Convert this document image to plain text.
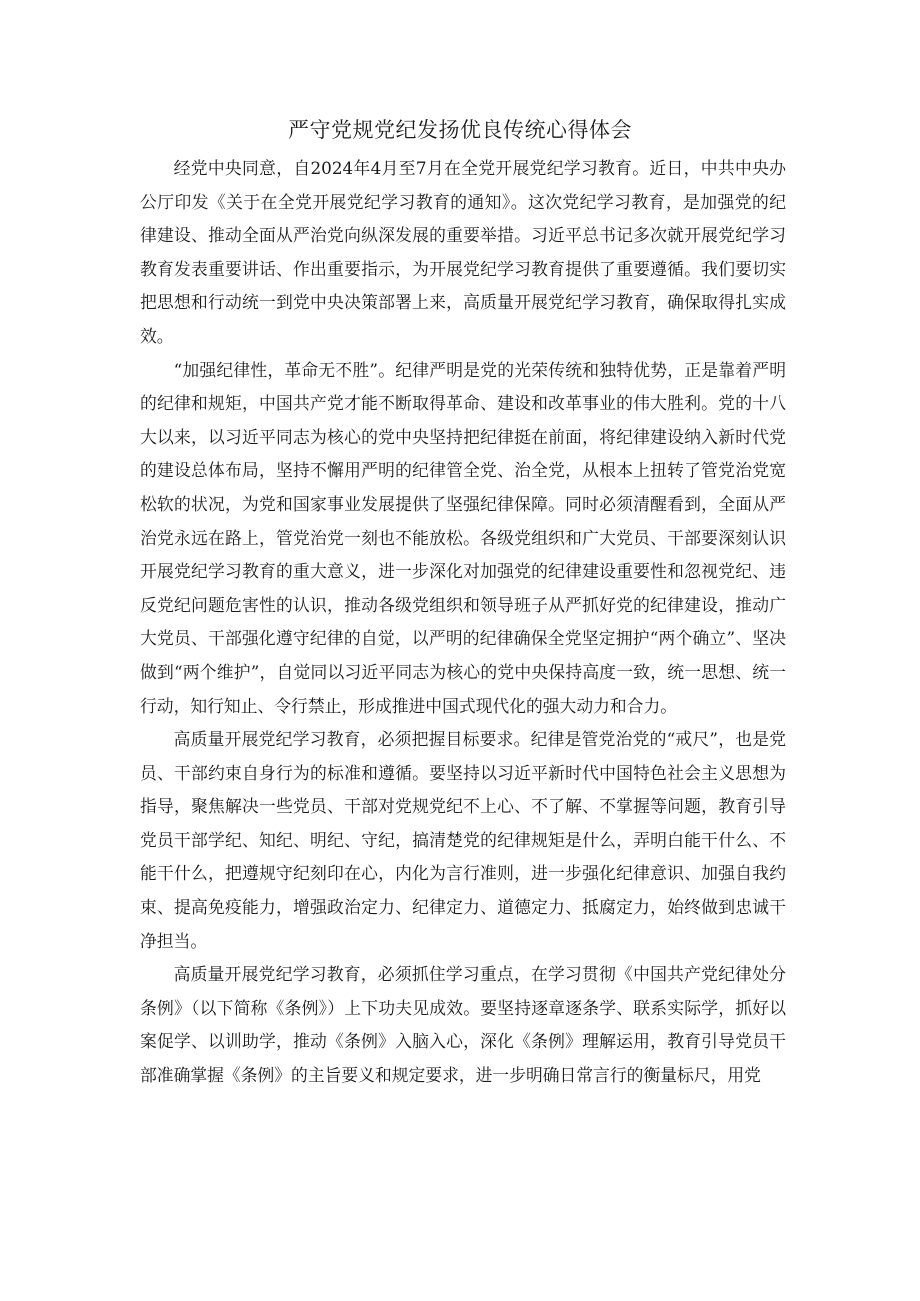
严守党规党纪发扬优良传统心得体会

经党中央同意，自2024年4月至7月在全党开展党纪学习教育。近日，中共中央办公厅印发《关于在全党开展党纪学习教育的通知》。这次党纪学习教育，是加强党的纪律建设、推动全面从严治党向纵深发展的重要举措。习近平总书记多次就开展党纪学习教育发表重要讲话、作出重要指示，为开展党纪学习教育提供了重要遵循。我们要切实把思想和行动统一到党中央决策部署上来，高质量开展党纪学习教育，确保取得扎实成效。

“加强纪律性，革命无不胜”。纪律严明是党的光荣传统和独特优势，正是靠着严明的纪律和规矩，中国共产党才能不断取得革命、建设和改革事业的伟大胜利。党的十八大以来，以习近平同志为核心的党中央坚持把纪律挺在前面，将纪律建设纳入新时代党的建设总体布局，坚持不懈用严明的纪律管全党、治全党，从根本上扭转了管党治党宽松软的状况，为党和国家事业发展提供了坚强纪律保障。同时必须清醒看到，全面从严治党永远在路上，管党治党一刻也不能放松。各级党组织和广大党员、干部要深刻认识开展党纪学习教育的重大意义，进一步深化对加强党的纪律建设重要性和忽视党纪、违反党纪问题危害性的认识，推动各级党组织和领导班子从严抓好党的纪律建设，推动广大党员、干部强化遵守纪律的自觉，以严明的纪律确保全党坚定拥护“两个确立”、坚决做到“两个维护”，自觉同以习近平同志为核心的党中央保持高度一致，统一思想、统一行动，知行知止、令行禁止，形成推进中国式现代化的强大动力和合力。

高质量开展党纪学习教育，必须把握目标要求。纪律是管党治党的“戒尺”，也是党员、干部约束自身行为的标准和遵循。要坚持以习近平新时代中国特色社会主义思想为指导，聚焦解决一些党员、干部对党规党纪不上心、不了解、不掌握等问题，教育引导党员干部学纪、知纪、明纪、守纪，搞清楚党的纪律规矩是什么，弄明白能干什么、不能干什么，把遵规守纪刻印在心，内化为言行准则，进一步强化纪律意识、加强自我约束、提高免疫能力，增强政治定力、纪律定力、道德定力、抵腐定力，始终做到忠诚干净担当。

高质量开展党纪学习教育，必须抓住学习重点，在学习贯彻《中国共产党纪律处分条例》（以下简称《条例》）上下功夫见成效。要坚持逐章逐条学、联系实际学，抓好以案促学、以训助学，推动《条例》入脑入心，深化《条例》理解运用，教育引导党员干部准确掌握《条例》的主旨要义和规定要求，进一步明确日常言行的衡量标尺，用党
